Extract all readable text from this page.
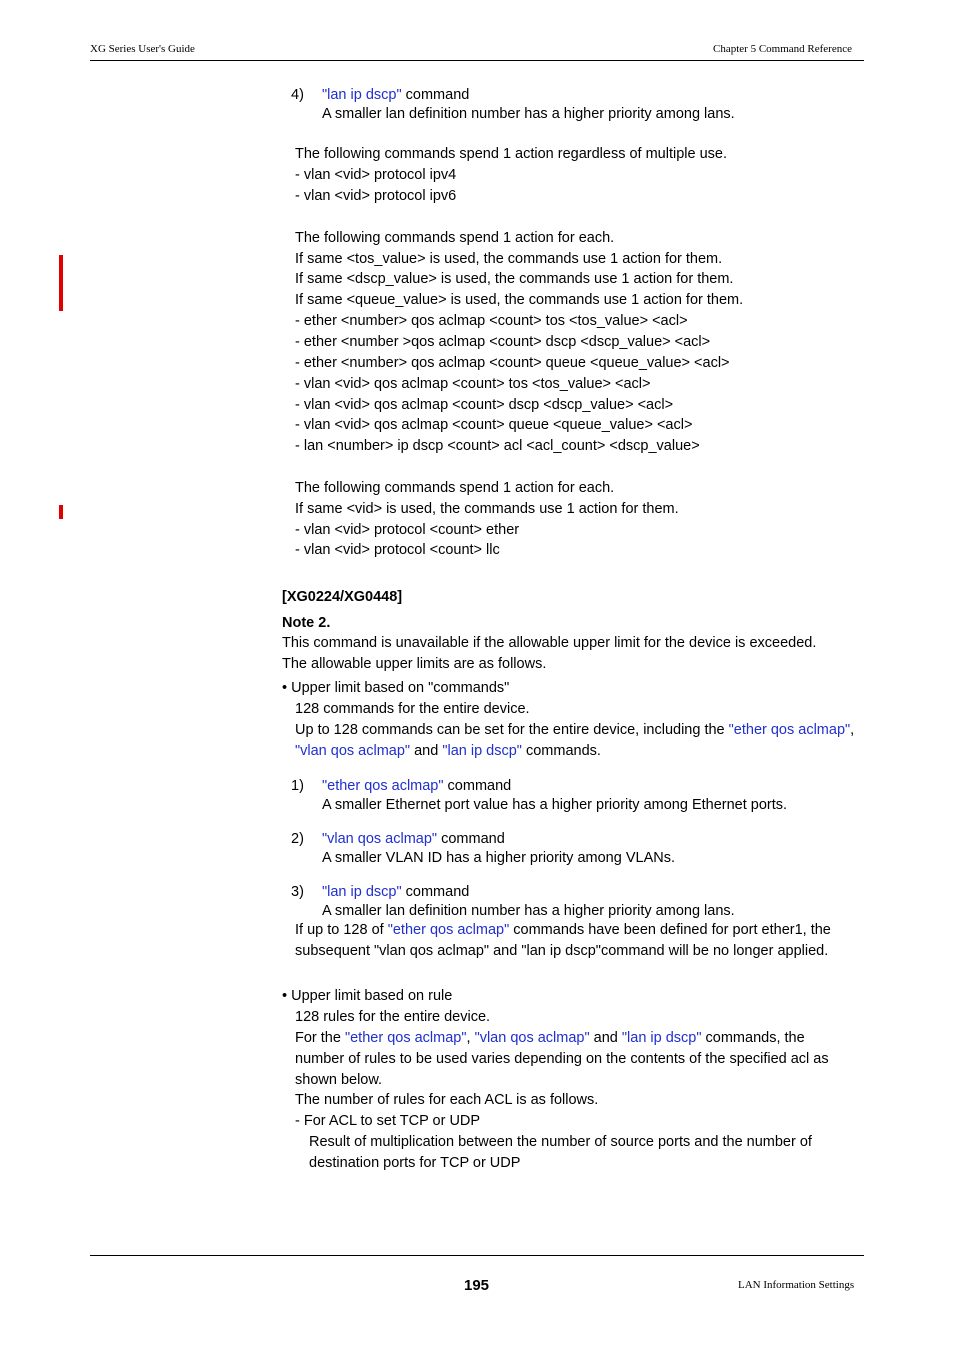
XG Series User's Guide	Chapter 5 Command Reference
4) "lan ip dscp" command
A smaller lan definition number has a higher priority among lans.
The following commands spend 1 action regardless of multiple use.
- vlan <vid> protocol ipv4
- vlan <vid> protocol ipv6
The following commands spend 1 action for each.
If same <tos_value> is used, the commands use 1 action for them.
If same <dscp_value> is used, the commands use 1 action for them.
If same <queue_value> is used, the commands use 1 action for them.
- ether <number> qos aclmap <count> tos <tos_value> <acl>
- ether <number >qos aclmap <count> dscp <dscp_value> <acl>
- ether <number> qos aclmap <count> queue <queue_value> <acl>
- vlan <vid> qos aclmap <count> tos <tos_value> <acl>
- vlan <vid> qos aclmap <count> dscp <dscp_value> <acl>
- vlan <vid> qos aclmap <count> queue <queue_value> <acl>
- lan <number> ip dscp <count> acl <acl_count> <dscp_value>
The following commands spend 1 action for each.
If same <vid> is used, the commands use 1 action for them.
- vlan <vid> protocol <count> ether
- vlan <vid> protocol <count> llc
[XG0224/XG0448]
Note 2.
This command is unavailable if the allowable upper limit for the device is exceeded.
The allowable upper limits are as follows.
• Upper limit based on "commands"
128 commands for the entire device.
Up to 128 commands can be set for the entire device, including the "ether qos aclmap",
"vlan qos aclmap" and "lan ip dscp" commands.
1) "ether qos aclmap" command
A smaller Ethernet port value has a higher priority among Ethernet ports.
2) "vlan qos aclmap" command
A smaller VLAN ID has a higher priority among VLANs.
3) "lan ip dscp" command
A smaller lan definition number has a higher priority among lans.
If up to 128 of "ether qos aclmap" commands have been defined for port ether1, the
subsequent "vlan qos aclmap" and "lan ip dscp"command will be no longer applied.
• Upper limit based on rule
128 rules for the entire device.
For the "ether qos aclmap", "vlan qos aclmap" and "lan ip dscp" commands, the
number of rules to be used varies depending on the contents of the specified acl as
shown below.
The number of rules for each ACL is as follows.
- For ACL to set TCP or UDP
Result of multiplication between the number of source ports and the number of
destination ports for TCP or UDP
195	LAN Information Settings
